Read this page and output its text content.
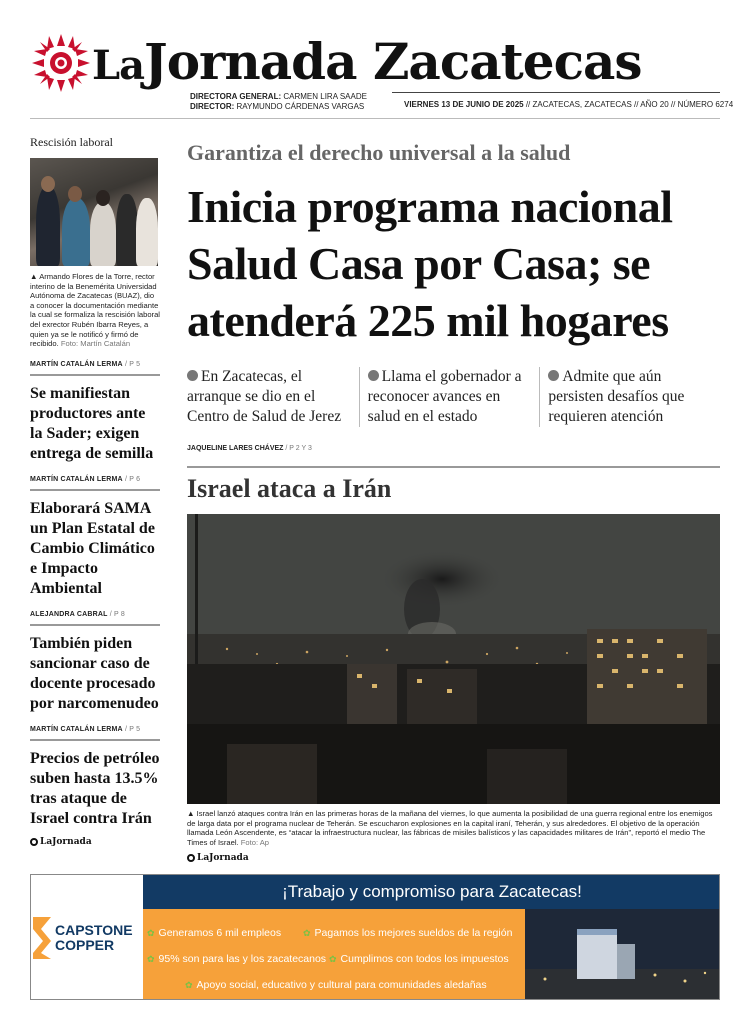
LaJornada Zacatecas
DIRECTORA GENERAL: CARMEN LIRA SAADE
DIRECTOR: RAYMUNDO CÁRDENAS VARGAS	VIERNES 13 DE JUNIO DE 2025 // ZACATECAS, ZACATECAS // AÑO 20 // NÚMERO 6274
Rescisión laboral
▲ Armando Flores de la Torre, rector interino de la Benemérita Universidad Autónoma de Zacatecas (BUAZ), dio a conocer la documentación mediante la cual se formaliza la rescisión laboral del exrector Rubén Ibarra Reyes, a quien ya se le notificó y firmó de recibido. Foto: Martín Catalán
MARTÍN CATALÁN LERMA / P 5
Se manifiestan productores ante la Sader; exigen entrega de semilla
MARTÍN CATALÁN LERMA / P 6
Elaborará SAMA un Plan Estatal de Cambio Climático e Impacto Ambiental
ALEJANDRA CABRAL / P 8
También piden sancionar caso de docente procesado por narcomenudeo
MARTÍN CATALÁN LERMA / P 5
Precios de petróleo suben hasta 13.5% tras ataque de Israel contra Irán
LaJornada
Garantiza el derecho universal a la salud
Inicia programa nacional Salud Casa por Casa; se atenderá 225 mil hogares
En Zacatecas, el arranque se dio en el Centro de Salud de Jerez
Llama el gobernador a reconocer avances en salud en el estado
Admite que aún persisten desafíos que requieren atención
JAQUELINE LARES CHÁVEZ / P 2 Y 3
Israel ataca a Irán
▲ Israel lanzó ataques contra Irán en las primeras horas de la mañana del viernes, lo que aumenta la posibilidad de una guerra regional entre los enemigos de larga data por el programa nuclear de Teherán. Se escucharon explosiones en la capital iraní, Teherán, y sus alrededores. El objetivo de la operación llamada León Ascendente, es “atacar la infraestructura nuclear, las fábricas de misiles balísticos y las capacidades militares de Irán”, reportó el medio The Times of Israel. Foto: Ap
LaJornada
CAPSTONE
COPPER
¡Trabajo y compromiso para Zacatecas!
✿ Generamos 6 mil empleos ✿ Pagamos los mejores sueldos de la región
✿ 95% son para las y los zacatecanos ✿ Cumplimos con todos los impuestos
✿ Apoyo social, educativo y cultural para comunidades aledañas
